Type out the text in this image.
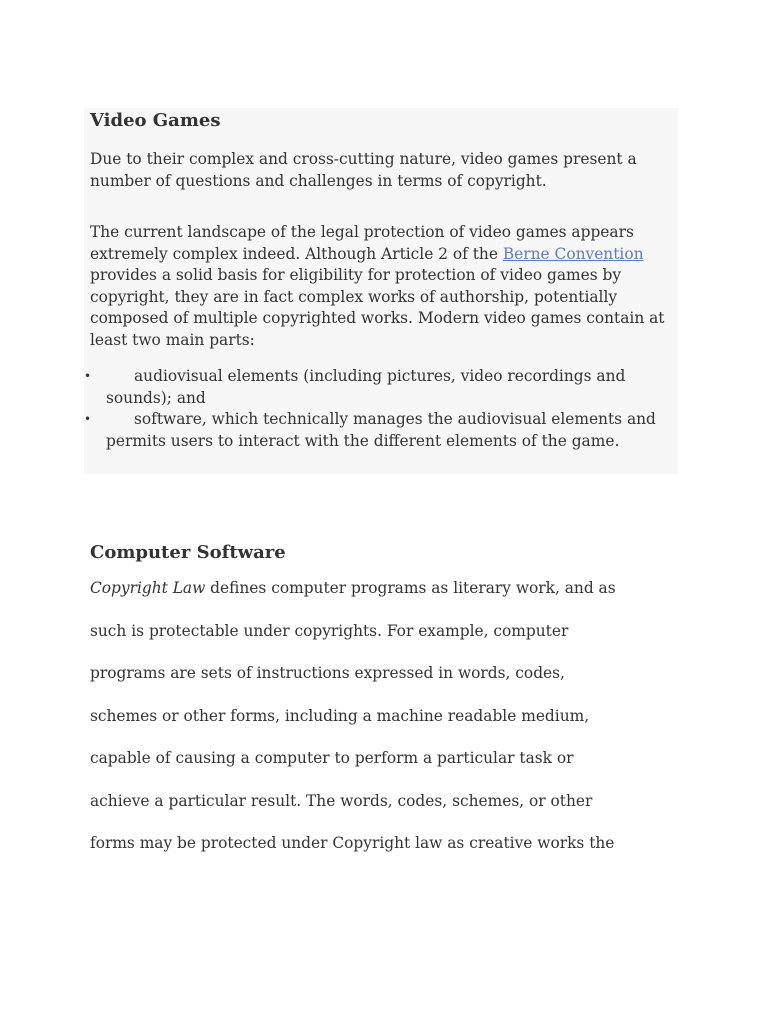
Video Games

Due to their complex and cross-cutting nature, video games present a number of questions and challenges in terms of copyright.

The current landscape of the legal protection of video games appears extremely complex indeed. Although Article 2 of the Berne Convention provides a solid basis for eligibility for protection of video games by copyright, they are in fact complex works of authorship, potentially composed of multiple copyrighted works. Modern video games contain at least two main parts:

•	audiovisual elements (including pictures, video recordings and sounds); and
•	software, which technically manages the audiovisual elements and permits users to interact with the different elements of the game.
Computer Software
Copyright Law defines computer programs as literary work, and as
such is protectable under copyrights. For example, computer
programs are sets of instructions expressed in words, codes,
schemes or other forms, including a machine readable medium,
capable of causing a computer to perform a particular task or
achieve a particular result. The words, codes, schemes, or other
forms may be protected under Copyright law as creative works the
